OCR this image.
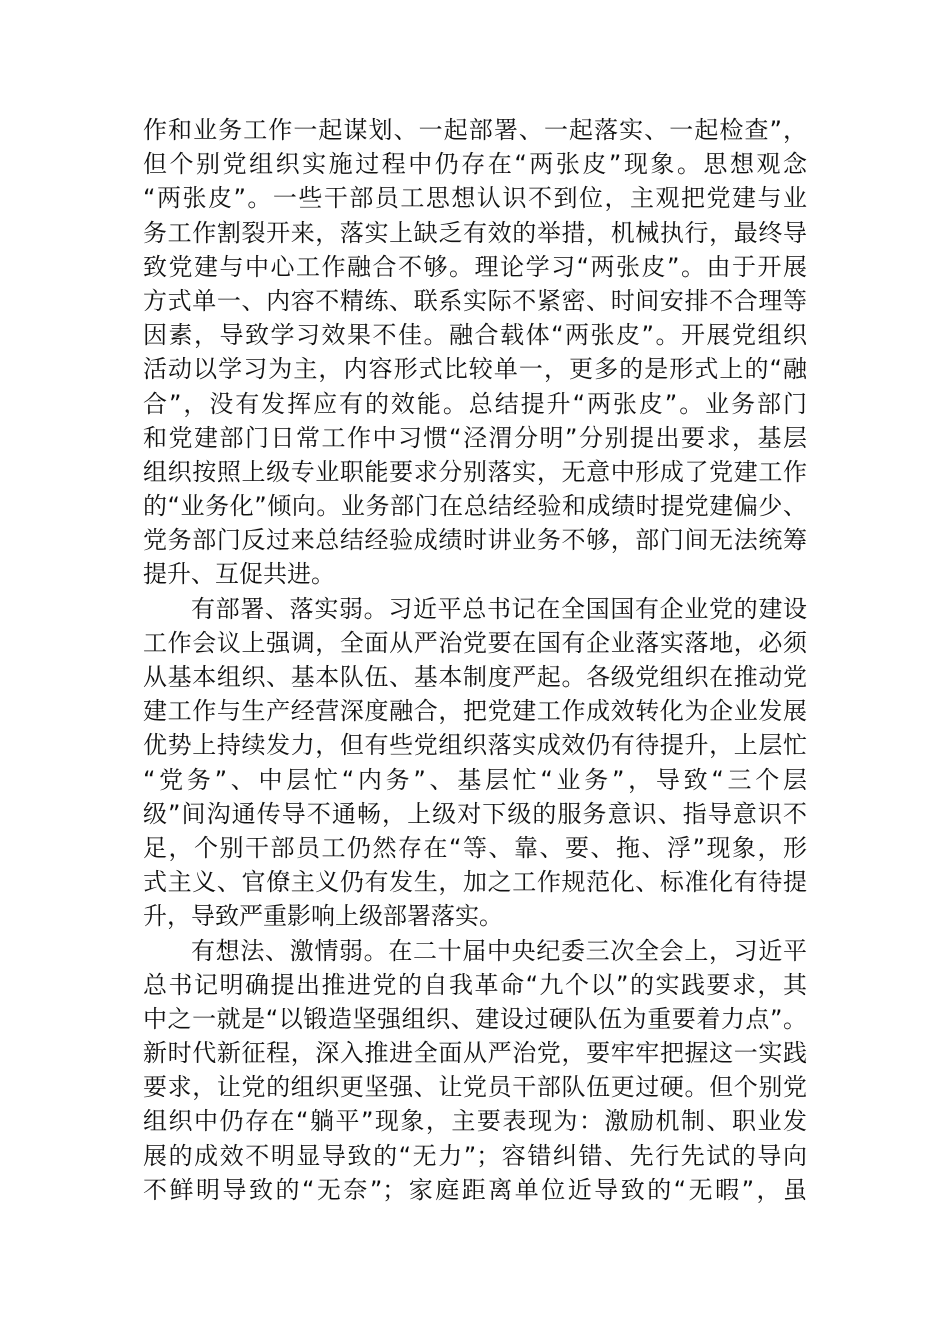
作和业务工作一起谋划、一起部署、一起落实、一起检查”，
但个别党组织实施过程中仍存在“两张皮”现象。思想观念
“两张皮”。一些干部员工思想认识不到位，主观把党建与业
务工作割裂开来，落实上缺乏有效的举措，机械执行，最终导
致党建与中心工作融合不够。理论学习“两张皮”。由于开展
方式单一、内容不精练、联系实际不紧密、时间安排不合理等
因素，导致学习效果不佳。融合载体“两张皮”。开展党组织
活动以学习为主，内容形式比较单一，更多的是形式上的“融
合”，没有发挥应有的效能。总结提升“两张皮”。业务部门
和党建部门日常工作中习惯“泾渭分明”分别提出要求，基层
组织按照上级专业职能要求分别落实，无意中形成了党建工作
的“业务化”倾向。业务部门在总结经验和成绩时提党建偏少、
党务部门反过来总结经验成绩时讲业务不够，部门间无法统筹
提升、互促共进。
有部署、落实弱。习近平总书记在全国国有企业党的建设
工作会议上强调，全面从严治党要在国有企业落实落地，必须
从基本组织、基本队伍、基本制度严起。各级党组织在推动党
建工作与生产经营深度融合，把党建工作成效转化为企业发展
优势上持续发力，但有些党组织落实成效仍有待提升，上层忙
“党务”、中层忙“内务”、基层忙“业务”，导致“三个层
级”间沟通传导不通畅，上级对下级的服务意识、指导意识不
足，个别干部员工仍然存在“等、靠、要、拖、浮”现象，形
式主义、官僚主义仍有发生，加之工作规范化、标准化有待提
升，导致严重影响上级部署落实。
有想法、激情弱。在二十届中央纪委三次全会上，习近平
总书记明确提出推进党的自我革命“九个以”的实践要求，其
中之一就是“以锻造坚强组织、建设过硬队伍为重要着力点”。
新时代新征程，深入推进全面从严治党，要牢牢把握这一实践
要求，让党的组织更坚强、让党员干部队伍更过硬。但个别党
组织中仍存在“躺平”现象，主要表现为：激励机制、职业发
展的成效不明显导致的“无力”；容错纠错、先行先试的导向
不鲜明导致的“无奈”；家庭距离单位近导致的“无暇”，虽
